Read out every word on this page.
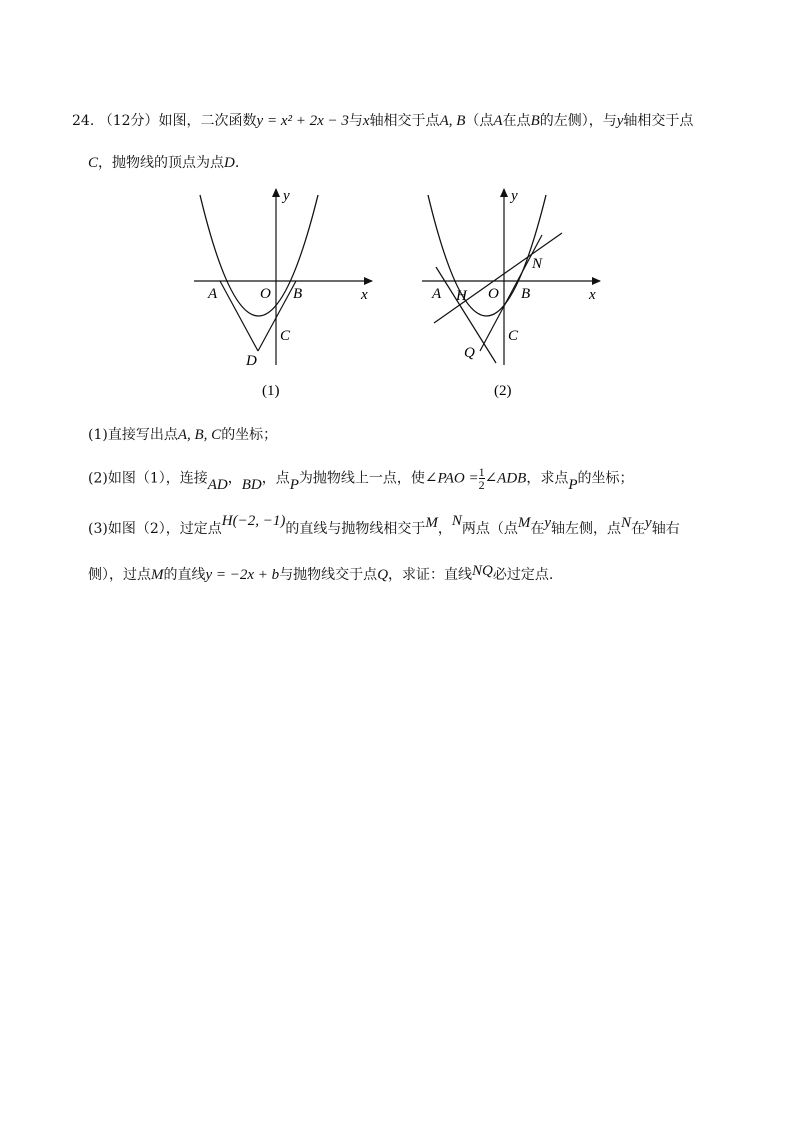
24. （12分）如图，二次函数y = x² + 2x − 3与x轴相交于点A, B（点A在点B的左侧），与y轴相交于点
C，抛物线的顶点为点D.
y
x
A	O B
C
D
(1)
y
x
A H O B
N
C
Q
(2)
(1)直接写出点A, B, C的坐标；
(2)如图（1），连接AD，BD，点P为抛物线上一点，使∠PAO = $\frac{1}{2}$ ∠ADB，求点P的坐标；
(3)如图（2），过定点H(−2, −1)的直线与抛物线相交于M，N两点（点M在y轴左侧，点N在y轴右
侧），过点M的直线y = −2x + b与抛物线交于点Q，求证：直线NQ必过定点.
